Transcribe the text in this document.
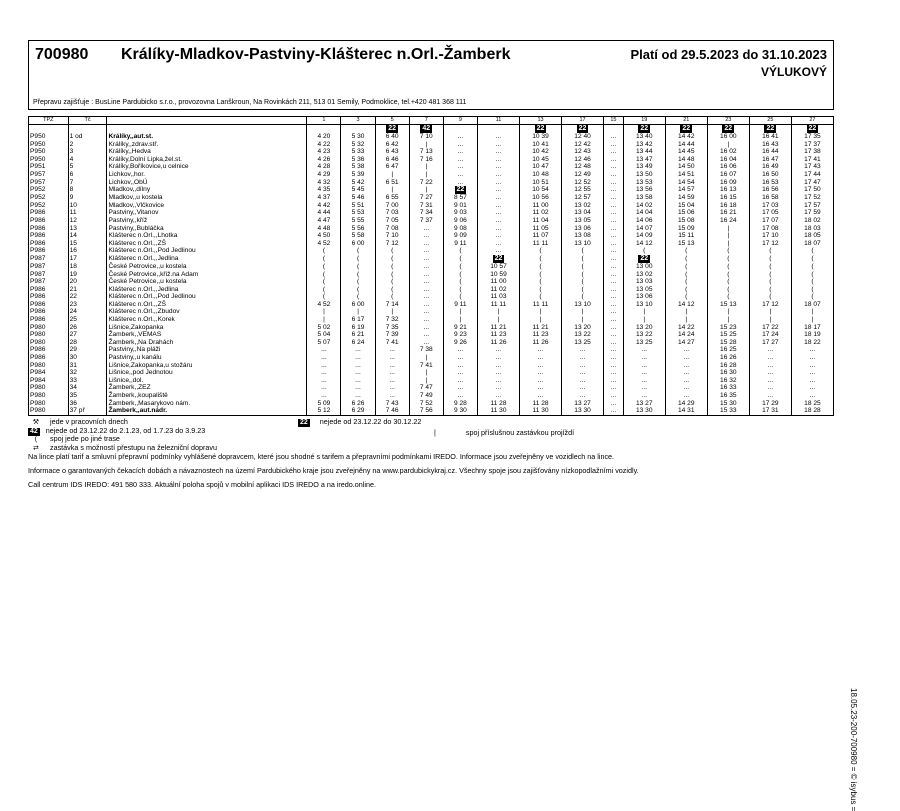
700980 Králíky-Mladkov-Pastviny-Klášterec n.Orl.-Žamberk	Platí od 29.5.2023 do 31.10.2023
VÝLUKOVÝ
Přepravu zajišťuje : BusLine Pardubicko s.r.o., provozovna Lanškroun, Na Rovinkách 211, 513 01 Semily, Podmoklice, tel.+420 481 368 111
TPZ	Tč		1	3	5	7	9	11	13	17	15	19	21	23	25	27
					22	42			22	22		22	22	22	22	22
P950	1 od	Králíky,,aut.st.	4 20	5 30	6 40	7 10	...	...	10 39	12 40	...	13 40	14 42	16 00	16 41	17 35
P950	2	Králíky,,zdrav.stř.	4 22	5 32	6 42	|	...	...	10 41	12 42	...	13 42	14 44	|	16 43	17 37
P950	3	Králíky,,Hedva	4 23	5 33	6 43	7 13	...	...	10 42	12 43	...	13 44	14 45	16 02	16 44	17 38
P950	4	Králíky,Dolní Lipka,žel.st.	4 26	5 36	6 46	7 16	...	...	10 45	12 46	...	13 47	14 48	16 04	16 47	17 41
P951	5	Králíky,Boříkovice,u celnice	4 28	5 38	6 47	|	...	...	10 47	12 48	...	13 49	14 50	16 06	16 49	17 43
P957	6	Lichkov,,hor.	4 29	5 39	|	|	...	...	10 48	12 49	...	13 50	14 51	16 07	16 50	17 44
P957	7	Lichkov,,ObÚ	4 32	5 42	6 51	7 22	...	...	10 51	12 52	...	13 53	14 54	16 09	16 53	17 47
P952	8	Mladkov,,dílny	4 35	5 45	|	|	22	...	10 54	12 55	...	13 56	14 57	16 13	16 56	17 50
P952	9	Mladkov,,u kostela	4 37	5 46	6 55	7 27	8 57	...	10 56	12 57	...	13 58	14 59	16 15	16 58	17 52
P952	10	Mladkov,,Vlčkovice	4 42	5 51	7 00	7 31	9 01	...	11 00	13 02	...	14 02	15 04	16 18	17 03	17 57
P986	11	Pastviny,,Vitanov	4 44	5 53	7 03	7 34	9 03	...	11 02	13 04	...	14 04	15 06	16 21	17 05	17 59
P986	12	Pastviny,,kříž	4 47	5 55	7 05	7 37	9 06	...	11 04	13 05	...	14 06	15 08	16 24	17 07	18 02
P986	13	Pastviny,,Bubláčka	4 48	5 56	7 08	...	9 08	...	11 05	13 06	...	14 07	15 09	|	17 08	18 03
P986	14	Klášterec n.Orl.,,Lhotka	4 50	5 58	7 10	...	9 09	...	11 07	13 08	...	14 09	15 11	|	17 10	18 05
P986	15	Klášterec n.Orl.,,ZŠ	4 52	6 00	7 12	...	9 11	...	11 11	13 10	...	14 12	15 13	|	17 12	18 07
P986	16	Klášterec n.Orl.,,Pod Jedlinou	(	(	(	...	(	...	(	(	...	(	(	(	(	(
P987	17	Klášterec n.Orl.,,Jedlina	(	(	(	...	(	22	(	(	...	22	(	(	(	(
P987	18	České Petrovice,,u kostela	(	(	(	...	(	10 57	(	(	...	13 00	(	(	(	(
P987	19	České Petrovice,,křiž.na Adam	(	(	(	...	(	10 59	(	(	...	13 02	(	(	(	(
P987	20	České Petrovice,,u kostela	(	(	(	...	(	11 00	(	(	...	13 03	(	(	(	(
P986	21	Klášterec n.Orl.,,Jedlina	(	(	(	...	(	11 02	(	(	...	13 05	(	(	(	(
P986	22	Klášterec n.Orl.,,Pod Jedlinou	(	(	(	...	(	11 03	(	(	...	13 06	(	(	(	(
P986	23	Klášterec n.Orl.,,ZŠ	4 52	6 00	7 14	...	9 11	11 11	11 11	13 10	...	13 10	14 12	15 13	17 12	18 07
P986	24	Klášterec n.Orl.,,Zbudov	|	|	|	...	|	|	|	|	...	|	|	|	|	|
P986	25	Klášterec n.Orl.,,Korek	|	6 17	7 32	...	|	|	|	|	...	|	|	|	|	|
P980	26	Lišnice,Zakopanka	5 02	6 19	7 35	...	9 21	11 21	11 21	13 20	...	13 20	14 22	15 23	17 22	18 17
P980	27	Žamberk,,VEMAS	5 04	6 21	7 39	...	9 23	11 23	11 23	13 22	...	13 22	14 24	15 25	17 24	18 19
P980	28	Žamberk,,Na Drahách	5 07	6 24	7 41	...	9 26	11 26	11 26	13 25	...	13 25	14 27	15 28	17 27	18 22
P986	29	Pastviny,,Na pláži	...	...	...	7 38	...	...	...	...	...	...	...	16 25	...	...
P986	30	Pastviny,,u kanálu	...	...	...	|	...	...	...	...	...	...	...	16 26	...	...
P980	31	Lišnice,Zakopanka,u stožáru	...	...	...	7 41	...	...	...	...	...	...	...	16 28	...	...
P984	32	Lišnice,,pod Jednotou	...	...	...	|	...	...	...	...	...	...	...	16 30	...	...
P984	33	Lišnice,,dol.	...	...	...	|	...	...	...	...	...	...	...	16 32	...	...
P980	34	Žamberk,,ZEZ	...	...	...	7 47	...	...	...	...	...	...	...	16 33	...	...
P980	35	Žamberk,,koupaliště	...	...	...	7 49	...	...	...	...	...	...	...	16 35	...	...
P980	36	Žamberk,,Masarykovo nám.	5 09	6 26	7 43	7 52	9 28	11 28	11 28	13 27	...	13 27	14 29	15 30	17 29	18 25
P980	37 př	Žamberk,,aut.nádr.	5 12	6 29	7 46	7 56	9 30	11 30	11 30	13 30	...	13 30	14 31	15 33	17 31	18 28
⚒ jede v pracovních dnech
42 nejede od 23.12.22 do 2.1.23, od 1.7.23 do 3.9.23
( spoj jede po jiné trase
⇄ zastávka s možností přestupu na železniční dopravu
22 nejede od 23.12.22 do 30.12.22
|	spoj příslušnou zastávkou projíždí
Na lince platí tarif a smluvní přepravní podmínky vyhlášené dopravcem, které jsou shodné s tarifem a přepravními podmínkami IREDO. Informace jsou zveřejněny ve vozidlech na lince.
Informace o garantovaných čekacích dobách a návaznostech na území Pardubického kraje jsou zveřejněny na www.pardubickykraj.cz. Všechny spoje jsou zajišťovány nízkopodlažními vozidly.
Call centrum IDS IREDO: 491 580 333. Aktuální poloha spojů v mobilní aplikaci IDS IREDO a na iredo.online.
18.05.23-200-700980 = © isybus =
